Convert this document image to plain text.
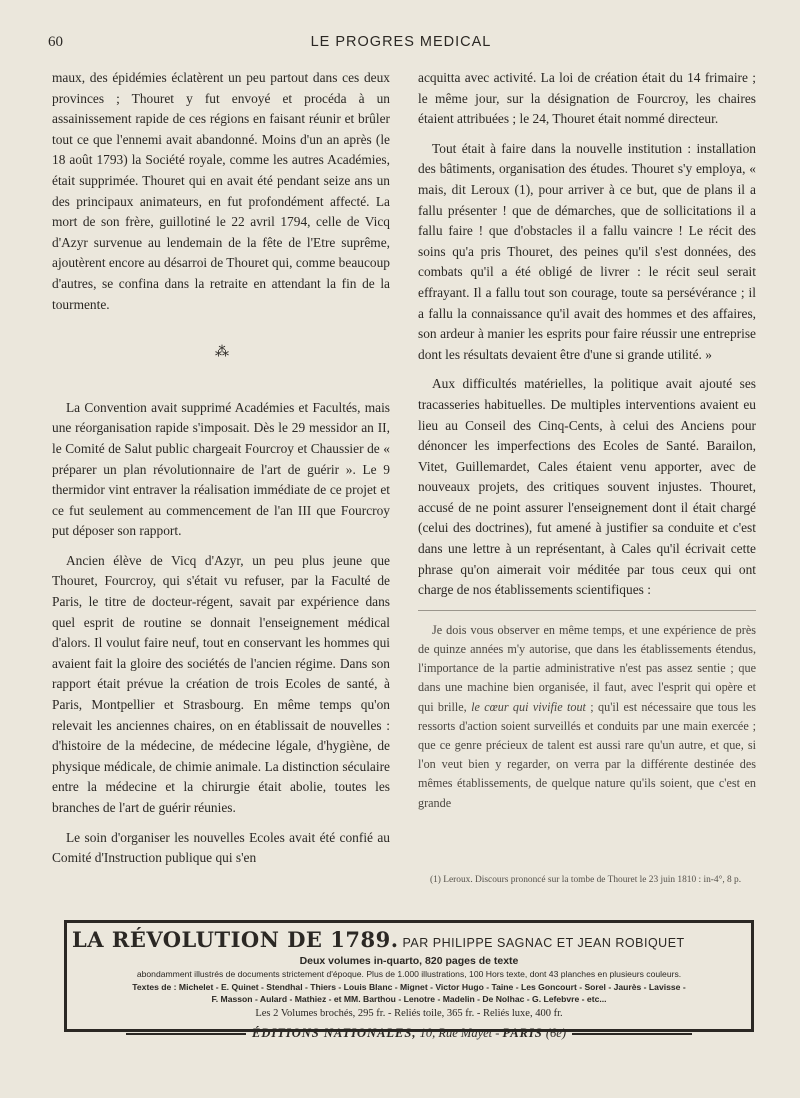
60	LE PROGRES MEDICAL

maux, des épidémies éclatèrent un peu partout dans ces deux provinces ; Thouret y fut envoyé et procéda à un assainissement rapide de ces régions en faisant réunir et brûler tout ce que l'ennemi avait abandonné. Moins d'un an après (le 18 août 1793) la Société royale, comme les autres Académies, était supprimée. Thouret qui en avait été pendant seize ans un des principaux animateurs, en fut profondément affecté. La mort de son frère, guillotiné le 22 avril 1794, celle de Vicq d'Azyr survenue au lendemain de la fête de l'Etre suprême, ajoutèrent encore au désarroi de Thouret qui, comme beaucoup d'autres, se confina dans la retraite en attendant la fin de la tourmente.

⁂

La Convention avait supprimé Académies et Facultés, mais une réorganisation rapide s'imposait. Dès le 29 messidor an II, le Comité de Salut public chargeait Fourcroy et Chaussier de « préparer un plan révolutionnaire de l'art de guérir ». Le 9 thermidor vint entraver la réalisation immédiate de ce projet et ce fut seulement au commencement de l'an III que Fourcroy put déposer son rapport.

Ancien élève de Vicq d'Azyr, un peu plus jeune que Thouret, Fourcroy, qui s'était vu refuser, par la Faculté de Paris, le titre de docteur-régent, savait par expérience dans quel esprit de routine se donnait l'enseignement médical d'alors. Il voulut faire neuf, tout en conservant les hommes qui avaient fait la gloire des sociétés de l'ancien régime. Dans son rapport était prévue la création de trois Ecoles de santé, à Paris, Montpellier et Strasbourg. En même temps qu'on relevait les anciennes chaires, on en établissait de nouvelles : d'histoire de la médecine, de médecine légale, d'hygiène, de physique médicale, de chimie animale. La distinction séculaire entre la médecine et la chirurgie était abolie, toutes les branches de l'art de guérir réunies.

Le soin d'organiser les nouvelles Ecoles avait été confié au Comité d'Instruction publique qui s'en

acquitta avec activité. La loi de création était du 14 frimaire ; le même jour, sur la désignation de Fourcroy, les chaires étaient attribuées ; le 24, Thouret était nommé directeur.

Tout était à faire dans la nouvelle institution : installation des bâtiments, organisation des études. Thouret s'y employa, « mais, dit Leroux (1), pour arriver à ce but, que de plans il a fallu présenter ! que de démarches, que de sollicitations il a fallu faire ! que d'obstacles il a fallu vaincre ! Le récit des soins qu'a pris Thouret, des peines qu'il s'est données, des combats qu'il a été obligé de livrer : le récit seul serait effrayant. Il a fallu tout son courage, toute sa persévérance ; il a fallu la connaissance qu'il avait des hommes et des affaires, son ardeur à manier les esprits pour faire réussir une entreprise dont les résultats devaient être d'une si grande utilité. »

Aux difficultés matérielles, la politique avait ajouté ses tracasseries habituelles. De multiples interventions avaient eu lieu au Conseil des Cinq-Cents, à celui des Anciens pour dénoncer les imperfections des Ecoles de Santé. Barailon, Vitet, Guillemardet, Cales étaient venu apporter, avec de nouveaux projets, des critiques souvent injustes. Thouret, accusé de ne point assurer l'enseignement dont il était chargé (celui des doctrines), fut amené à justifier sa conduite et c'est dans une lettre à un représentant, à Cales qu'il écrivait cette phrase qu'on aimerait voir méditée par tous ceux qui ont charge de nos établissements scientifiques :

Je dois vous observer en même temps, et une expérience de près de quinze années m'y autorise, que dans les établissements étendus, l'importance de la partie administrative n'est pas assez sentie ; que dans une machine bien organisée, il faut, avec l'esprit qui opère et qui brille, le cœur qui vivifie tout ; qu'il est nécessaire que tous les ressorts d'action soient surveillés et conduits par une main exercée ; que ce genre précieux de talent est aussi rare qu'un autre, et que, si l'on veut bien y regarder, on verra par la différente destinée des mêmes établissements, de quelque nature qu'ils soient, que c'est en grande

(1) Leroux. Discours prononcé sur la tombe de Thouret le 23 juin 1810 : in-4°, 8 p.
LA RÉVOLUTION DE 1789. PAR PHILIPPE SAGNAC ET JEAN ROBIQUET
Deux volumes in-quarto, 820 pages de texte
abondamment illustrés de documents strictement d'époque. Plus de 1.000 illustrations, 100 Hors texte, dont 43 planches en plusieurs couleurs.
Textes de : Michelet - E. Quinet - Stendhal - Thiers - Louis Blanc - Mignet - Victor Hugo - Taine - Les Goncourt - Sorel - Jaurès - Lavisse -
F. Masson - Aulard - Mathiez - et MM. Barthou - Lenotre - Madelin - De Nolhac - G. Lefebvre - etc...
Les 2 Volumes brochés, 295 fr. - Reliés toile, 365 fr. - Reliés luxe, 400 fr.
ÉDITIONS NATIONALES, 10, Rue Mayet - PARIS (6e)
